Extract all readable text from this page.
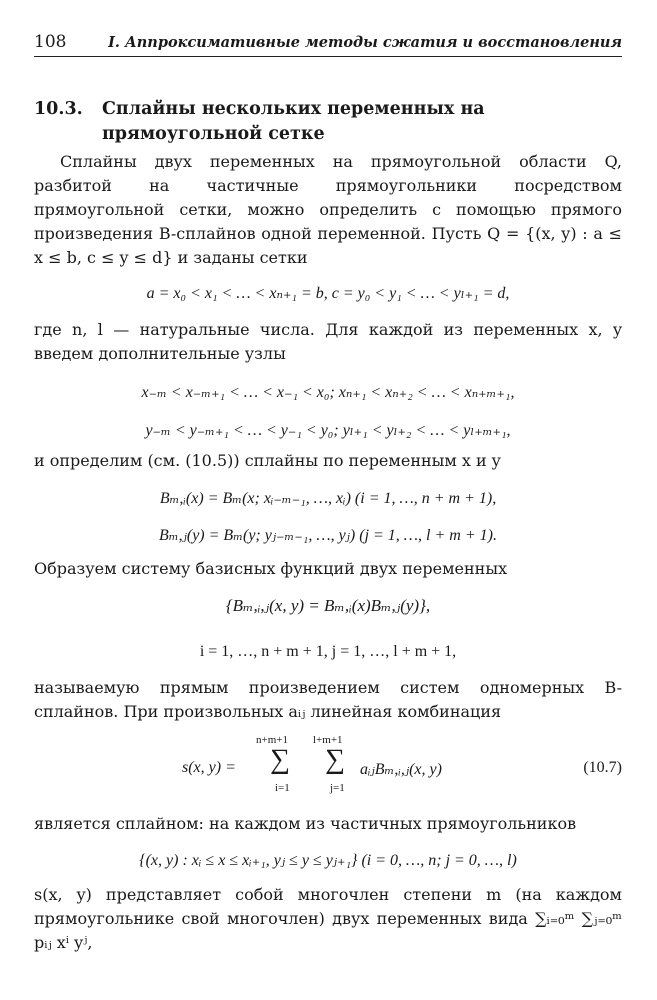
108	I. Аппроксимативные методы сжатия и восстановления
10.3. Сплайны нескольких переменных на прямоугольной сетке
Сплайны двух переменных на прямоугольной области Q, разбитой на частичные прямоугольники посредством прямоугольной сетки, можно определить с помощью прямого произведения B-сплайнов одной переменной. Пусть Q = {(x, y) : a ≤ x ≤ b, c ≤ y ≤ d} и заданы сетки
a = x₀ < x₁ < … < xₙ₊₁ = b, c = y₀ < y₁ < … < yₗ₊₁ = d,
где n, l — натуральные числа. Для каждой из переменных x, y введем дополнительные узлы
x₋ₘ < x₋ₘ₊₁ < … < x₋₁ < x₀; xₙ₊₁ < xₙ₊₂ < … < xₙ₊ₘ₊₁,
y₋ₘ < y₋ₘ₊₁ < … < y₋₁ < y₀; yₗ₊₁ < yₗ₊₂ < … < yₗ₊ₘ₊₁,
и определим (см. (10.5)) сплайны по переменным x и y
Bₘ,ᵢ(x) = Bₘ(x; xᵢ₋ₘ₋₁, …, xᵢ) (i = 1, …, n + m + 1),
Bₘ,ⱼ(y) = Bₘ(y; yⱼ₋ₘ₋₁, …, yⱼ) (j = 1, …, l + m + 1).
Образуем систему базисных функций двух переменных
{Bₘ,ᵢ,ⱼ(x, y) = Bₘ,ᵢ(x)Bₘ,ⱼ(y)},
i = 1, …, n + m + 1, j = 1, …, l + m + 1,
называемую прямым произведением систем одномерных B-сплайнов. При произвольных aᵢⱼ линейная комбинация
s(x, y) =
n+m+1
∑
i=1
l+m+1
∑
j=1
aᵢⱼBₘ,ᵢ,ⱼ(x, y)	(10.7)
является сплайном: на каждом из частичных прямоугольников
{(x, y) : xᵢ ≤ x ≤ xᵢ₊₁, yⱼ ≤ y ≤ yⱼ₊₁} (i = 0, …, n; j = 0, …, l)
s(x, y) представляет собой многочлен степени m (на каждом прямоугольнике свой многочлен) двух переменных вида ∑ᵢ₌₀ᵐ ∑ⱼ₌₀ᵐ pᵢⱼ xⁱ yʲ,
